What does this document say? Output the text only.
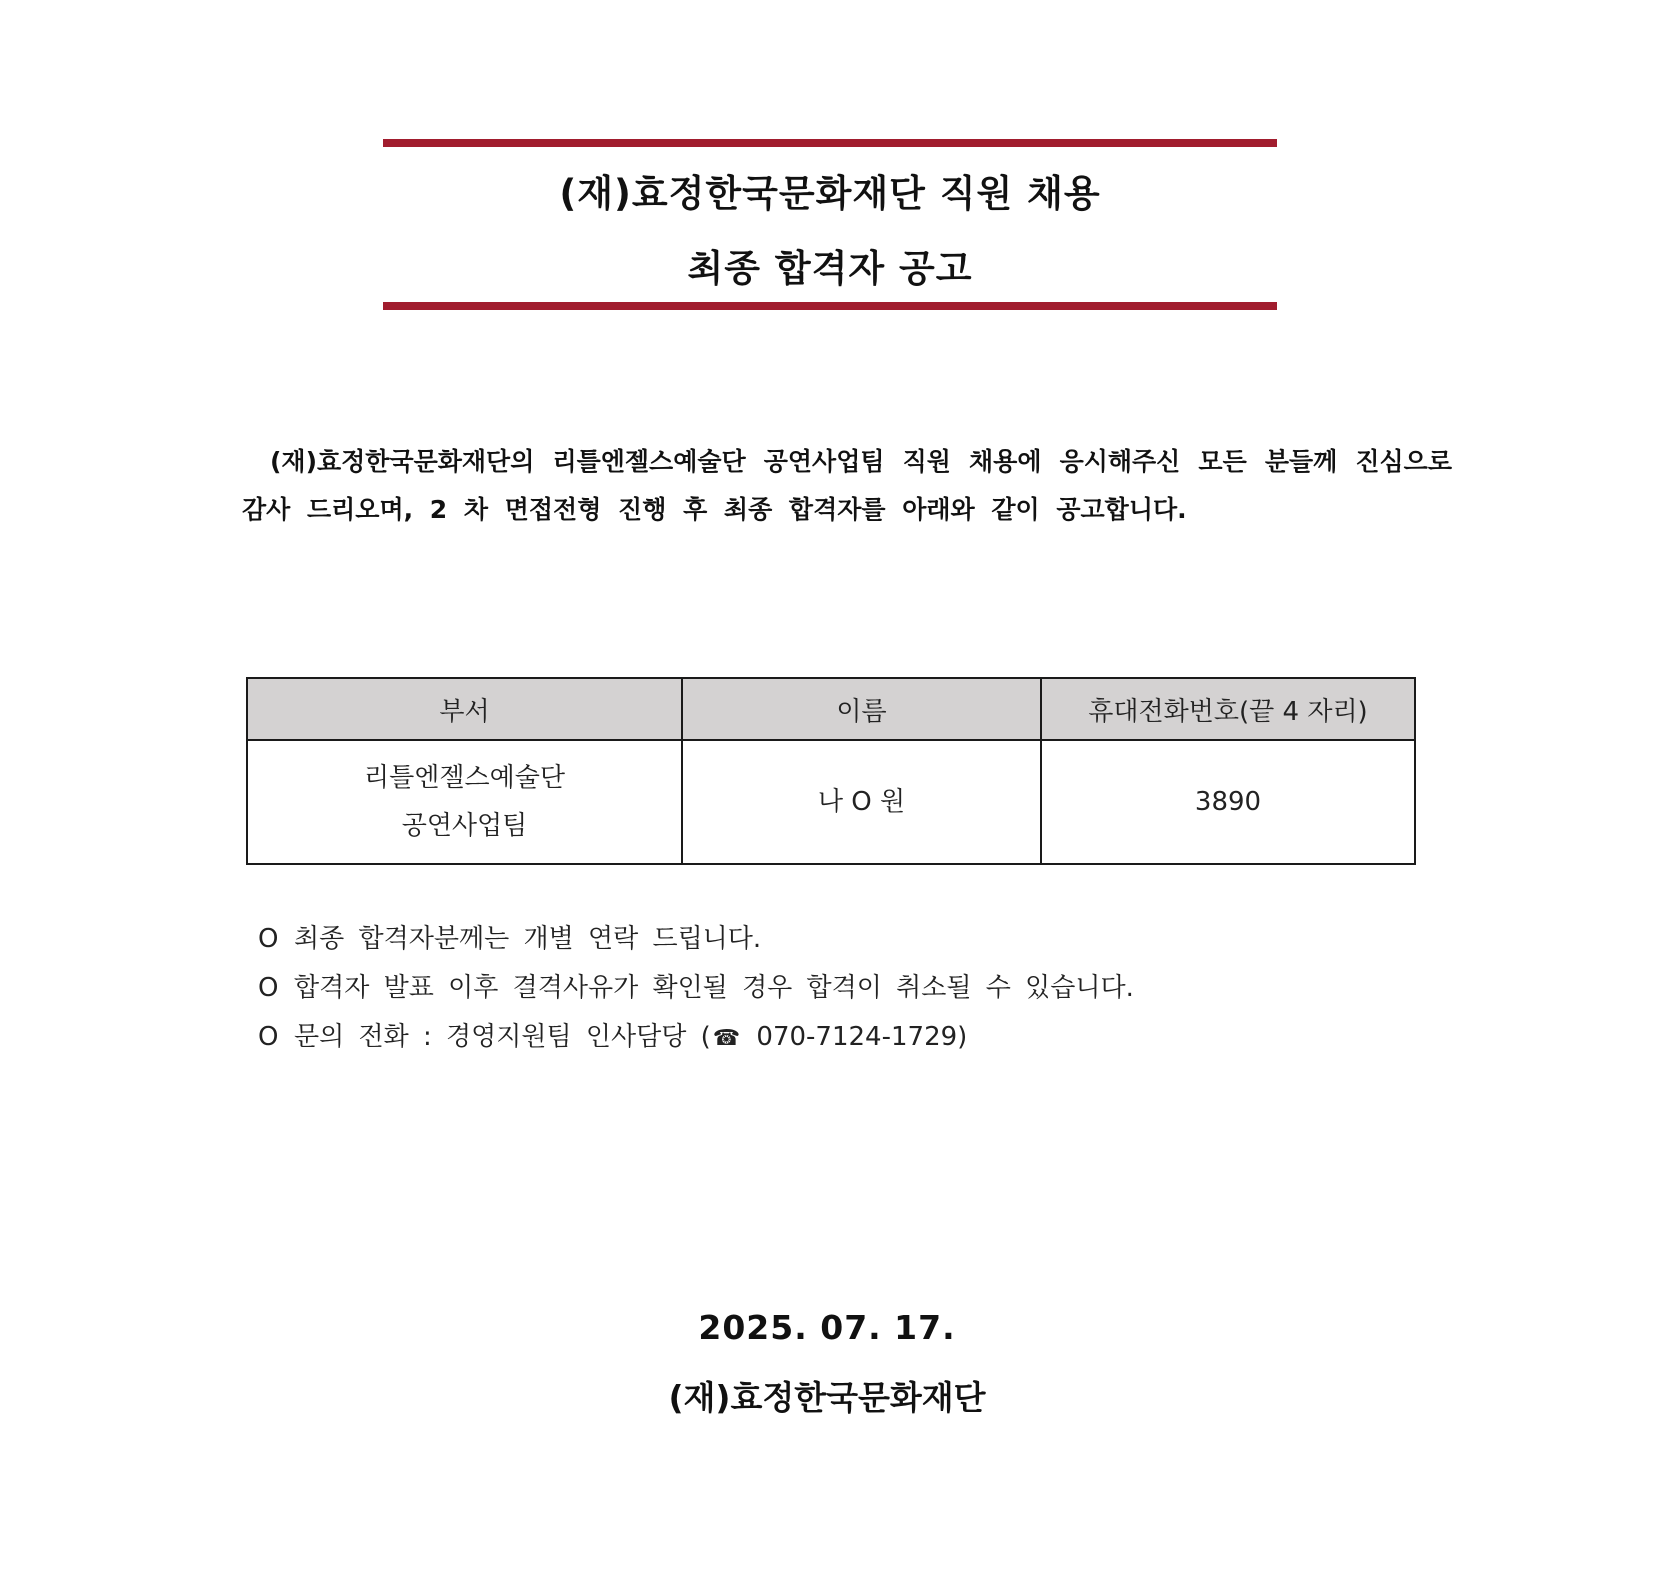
(재)효정한국문화재단 직원 채용
최종 합격자 공고

(재)효정한국문화재단의 리틀엔젤스예술단 공연사업팀 직원 채용에 응시해주신 모든 분들께 진심으로 감사 드리오며, 2 차 면접전형 진행 후 최종 합격자를 아래와 같이 공고합니다.

부서	이름	휴대전화번호(끝 4 자리)

리틀엔젤스예술단
공연사업팀	나 O 원	3890
O 최종 합격자분께는 개별 연락 드립니다.
O 합격자 발표 이후 결격사유가 확인될 경우 합격이 취소될 수 있습니다.
O 문의 전화 : 경영지원팀 인사담당 (☎ 070-7124-1729)
2025. 07. 17.
(재)효정한국문화재단
